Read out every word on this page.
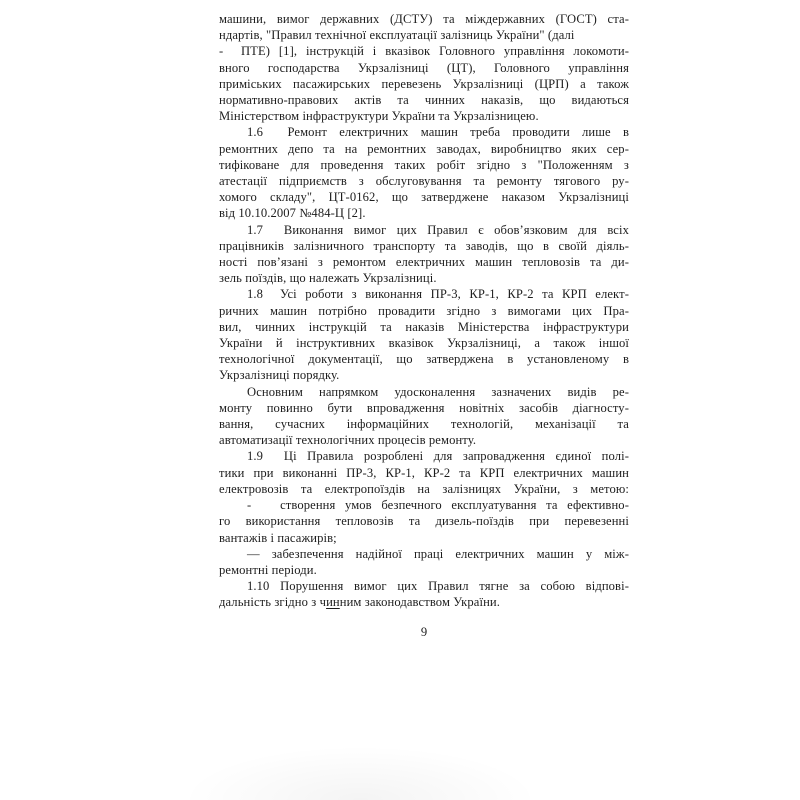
машини, вимог державних (ДСТУ) та міждержавних (ГОСТ) ста-
ндартів, "Правил технічної експлуатації залізниць України" (далі
-  ПТЕ) [1], інструкцій і вказівок Головного управління локомоти-
вного господарства Укрзалізниці (ЦТ), Головного управління
приміських пасажирських перевезень Укрзалізниці (ЦРП) а також
нормативно-правових актів та чинних наказів, що видаються
Міністерством інфраструктури України та Укрзалізницею.
1.6  Ремонт електричних машин треба проводити лише в
ремонтних депо та на ремонтних заводах, виробництво яких сер-
тифіковане для проведення таких робіт згідно з "Положенням з
атестації підприємств з обслуговування та ремонту тягового ру-
хомого складу", ЦТ-0162, що затверджене наказом Укрзалізниці
від 10.10.2007 №484-Ц [2].
1.7  Виконання вимог цих Правил є обов’язковим для всіх
працівників залізничного транспорту та заводів, що в своїй діяль-
ності пов’язані з ремонтом електричних машин тепловозів та ди-
зель поїздів, що належать Укрзалізниці.
1.8  Усі роботи з виконання ПР-3, КР-1, КР-2 та КРП елект-
ричних машин потрібно провадити згідно з вимогами цих Пра-
вил, чинних інструкцій та наказів Міністерства інфраструктури
України й інструктивних вказівок Укрзалізниці, а також іншої
технологічної документації, що затверджена в установленому в
Укрзалізниці порядку.
Основним напрямком удосконалення зазначених видів ре-
монту повинно бути впровадження новітніх засобів діагносту-
вання, сучасних інформаційних технологій, механізації та
автоматизації технологічних процесів ремонту.
1.9  Ці Правила розроблені для запровадження єдиної полі-
тики при виконанні ПР-3, КР-1, КР-2 та КРП електричних машин
електровозів та електропоїздів на залізницях України, з метою:
-   створення умов безпечного експлуатування та ефективно-
го використання тепловозів та дизель-поїздів при перевезенні
вантажів і пасажирів;
— забезпечення надійної праці електричних машин у між-
ремонтні періоди.
1.10 Порушення вимог цих Правил тягне за собою відпові-
дальність згідно з чинним законодавством України.
9
